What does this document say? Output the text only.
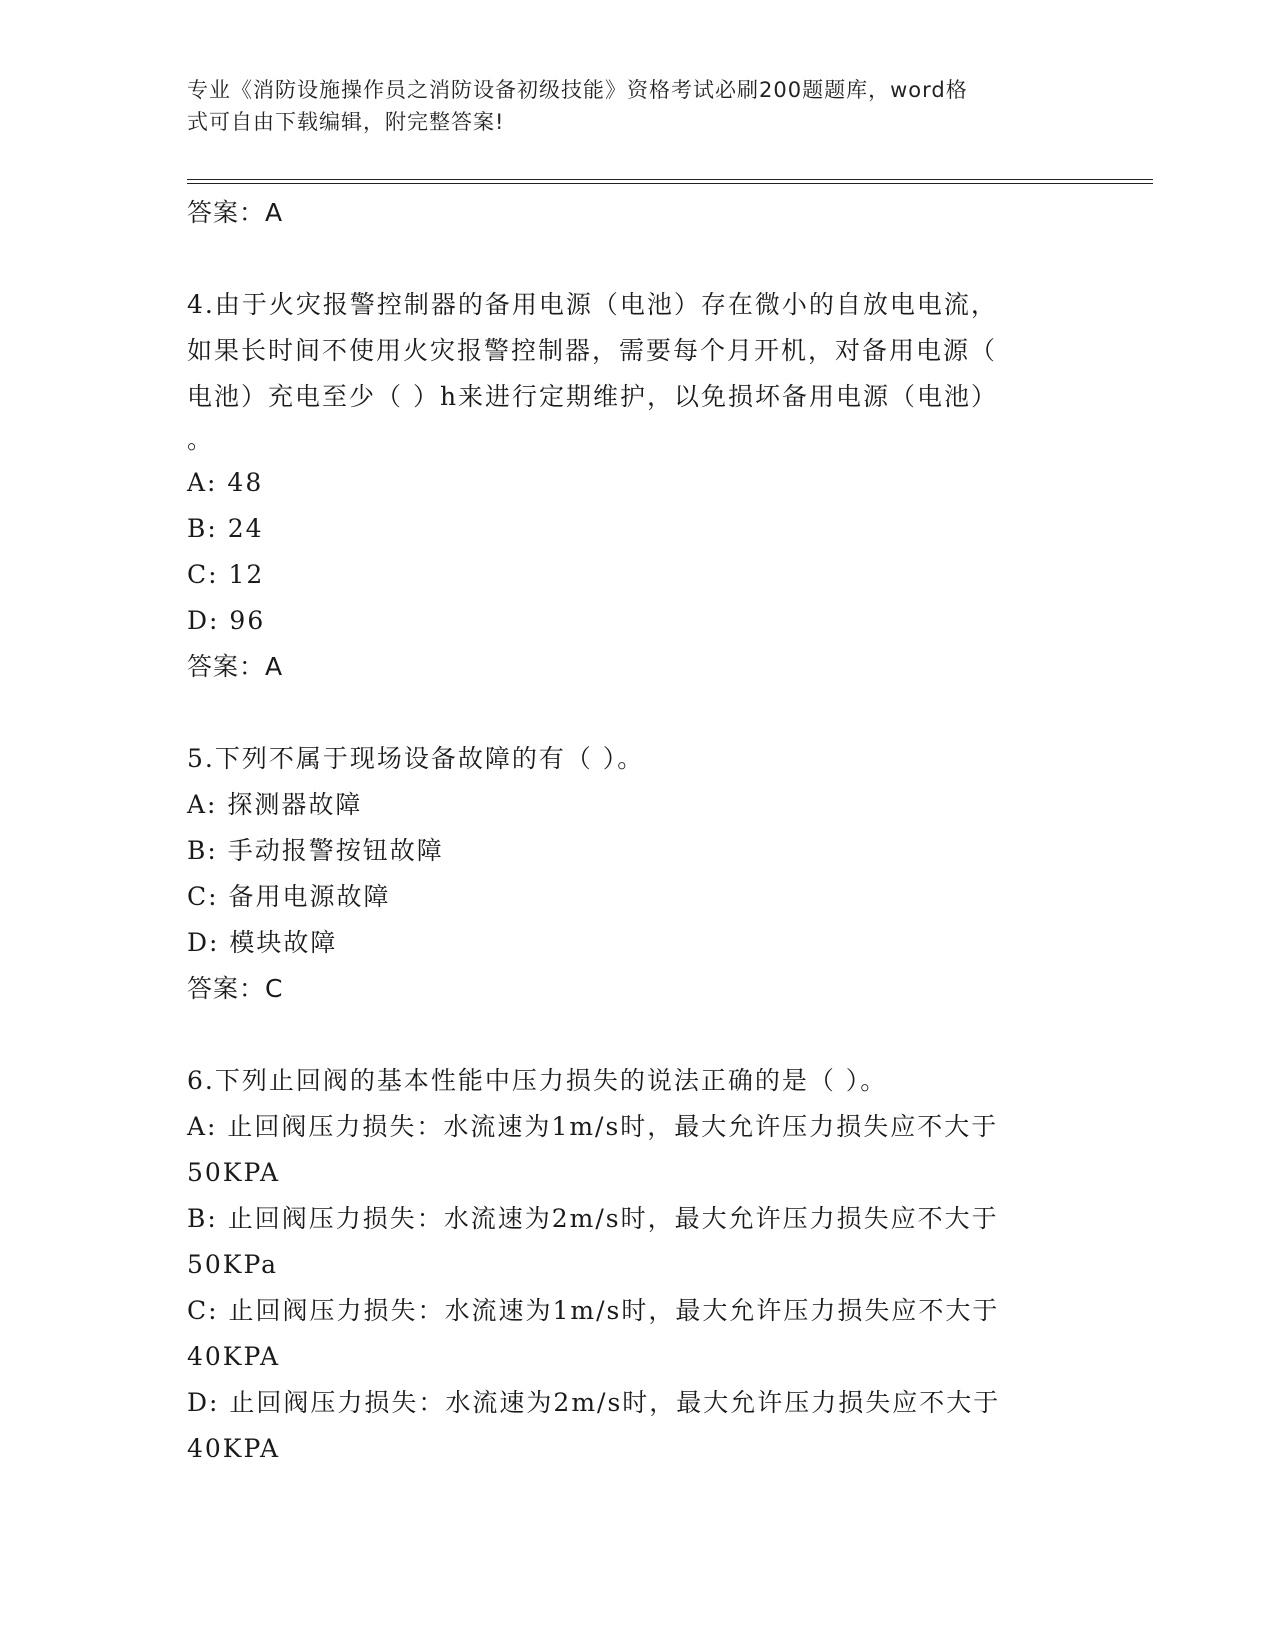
专业《消防设施操作员之消防设备初级技能》资格考试必刷200题题库，word格
式可自由下载编辑，附完整答案!
答案：A
4.由于火灾报警控制器的备用电源（电池）存在微小的自放电电流，
如果长时间不使用火灾报警控制器，需要每个月开机，对备用电源（
电池）充电至少（ ）h来进行定期维护，以免损坏备用电源（电池）
。
A: 48
B: 24
C: 12
D: 96
答案：A
5.下列不属于现场设备故障的有（ ）。
A: 探测器故障
B: 手动报警按钮故障
C: 备用电源故障
D: 模块故障
答案：C
6.下列止回阀的基本性能中压力损失的说法正确的是（ ）。
A: 止回阀压力损失：水流速为1m/s时，最大允许压力损失应不大于
50KPA
B: 止回阀压力损失：水流速为2m/s时，最大允许压力损失应不大于
50KPa
C: 止回阀压力损失：水流速为1m/s时，最大允许压力损失应不大于
40KPA
D: 止回阀压力损失：水流速为2m/s时，最大允许压力损失应不大于
40KPA
